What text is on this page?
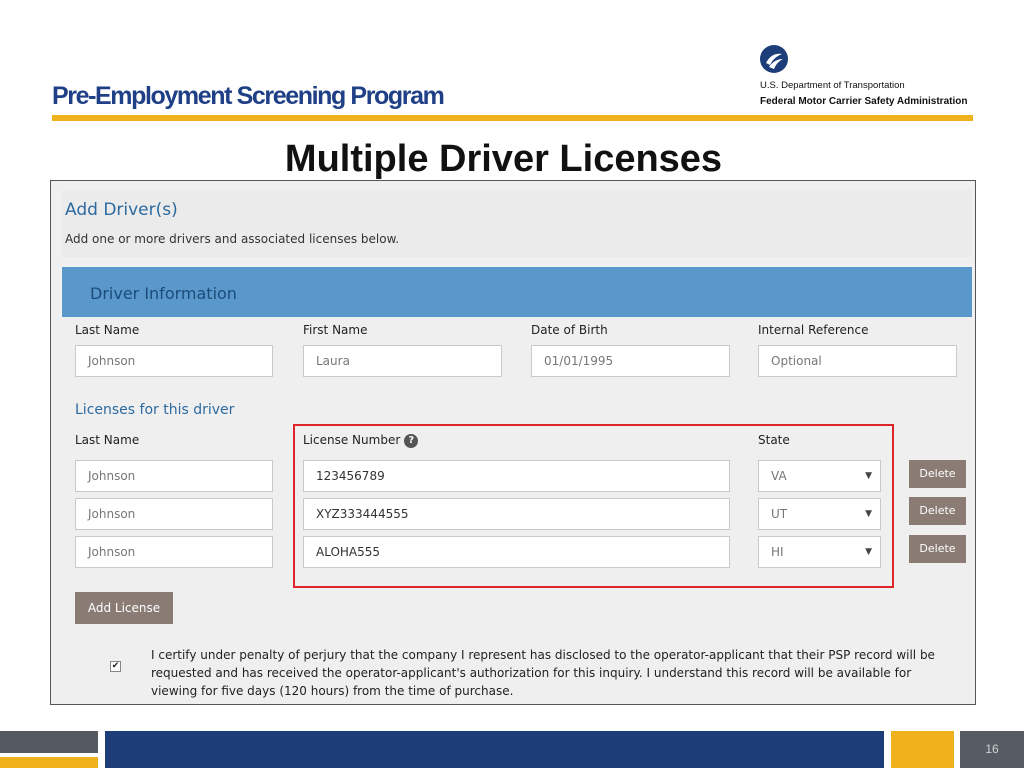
Pre-Employment Screening Program	U.S. Department of Transportation
Federal Motor Carrier Safety Administration
Multiple Driver Licenses
Add Driver(s)
Add one or more drivers and associated licenses below.
Driver Information
Last Name	First Name	Date of Birth	Internal Reference
Johnson	Laura	01/01/1995	Optional
Licenses for this driver
Last Name	License Number ?	State
Johnson	123456789	VA	▼	Delete
Johnson	XYZ333444555	UT	▼	Delete
Johnson	ALOHA555	HI	▼	Delete
Add License
✔
I certify under penalty of perjury that the company I represent has disclosed to the operator-applicant that their PSP record will be requested and has received the operator-applicant's authorization for this inquiry. I understand this record will be available for viewing for five days (120 hours) from the time of purchase.
16
